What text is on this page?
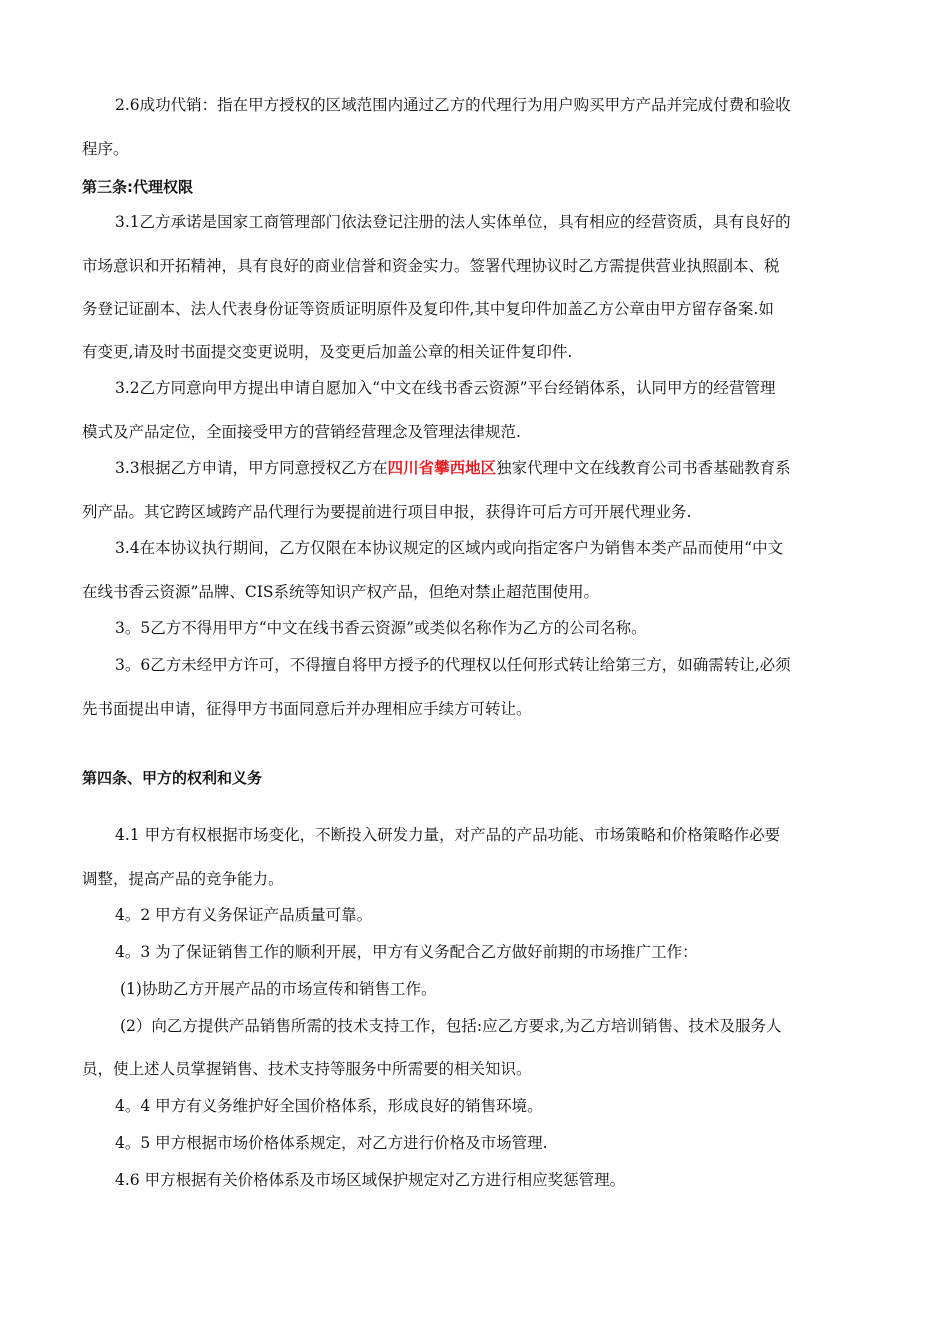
2.6成功代销：指在甲方授权的区域范围内通过乙方的代理行为用户购买甲方产品并完成付费和验收
程序。
第三条:代理权限
3.1乙方承诺是国家工商管理部门依法登记注册的法人实体单位，具有相应的经营资质，具有良好的
市场意识和开拓精神，具有良好的商业信誉和资金实力。签署代理协议时乙方需提供营业执照副本、税
务登记证副本、法人代表身份证等资质证明原件及复印件,其中复印件加盖乙方公章由甲方留存备案.如
有变更,请及时书面提交变更说明，及变更后加盖公章的相关证件复印件.
3.2乙方同意向甲方提出申请自愿加入“中文在线书香云资源”平台经销体系，认同甲方的经营管理
模式及产品定位，全面接受甲方的营销经营理念及管理法律规范.
3.3根据乙方申请，甲方同意授权乙方在四川省攀西地区独家代理中文在线教育公司书香基础教育系
列产品。其它跨区域跨产品代理行为要提前进行项目申报，获得许可后方可开展代理业务.
3.4在本协议执行期间，乙方仅限在本协议规定的区域内或向指定客户为销售本类产品而使用“中文
在线书香云资源”品牌、CIS系统等知识产权产品，但绝对禁止超范围使用。
3。5乙方不得用甲方“中文在线书香云资源”或类似名称作为乙方的公司名称。
3。6乙方未经甲方许可，不得擅自将甲方授予的代理权以任何形式转让给第三方，如确需转让,必须
先书面提出申请，征得甲方书面同意后并办理相应手续方可转让。
第四条、甲方的权利和义务
4.1 甲方有权根据市场变化，不断投入研发力量，对产品的产品功能、市场策略和价格策略作必要
调整，提高产品的竞争能力。
4。2 甲方有义务保证产品质量可靠。
4。3 为了保证销售工作的顺利开展，甲方有义务配合乙方做好前期的市场推广工作：
(1)协助乙方开展产品的市场宣传和销售工作。
(2）向乙方提供产品销售所需的技术支持工作，包括:应乙方要求,为乙方培训销售、技术及服务人
员，使上述人员掌握销售、技术支持等服务中所需要的相关知识。
4。4 甲方有义务维护好全国价格体系，形成良好的销售环境。
4。5 甲方根据市场价格体系规定，对乙方进行价格及市场管理.
4.6 甲方根据有关价格体系及市场区域保护规定对乙方进行相应奖惩管理。
